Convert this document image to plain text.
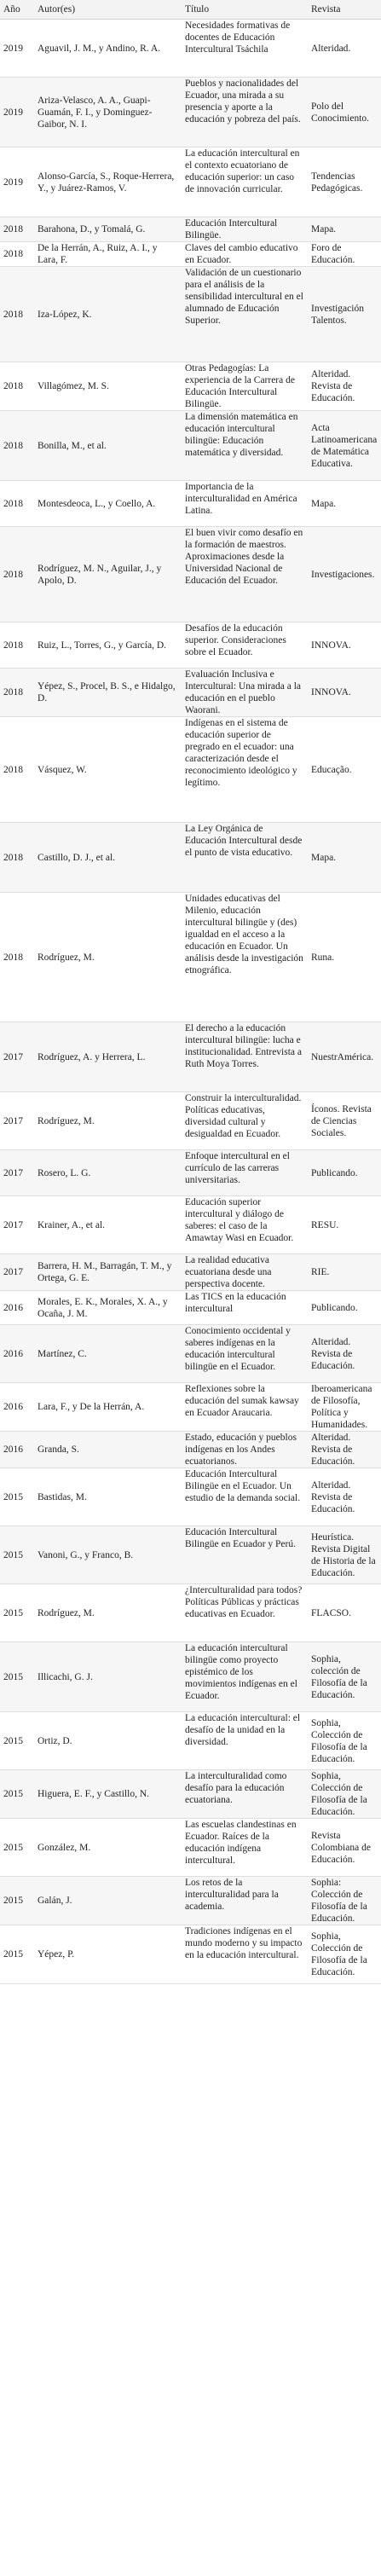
Año	Autor(es)	Título	Revista
2019	Aguavil, J. M., y Andino, R. A.	Necesidades formativas de docentes de Educación Intercultural Tsáchila	Alteridad.
2019	Ariza-Velasco, A. A., Guapi-Guamán, F. I., y Dominguez-Gaibor, N. I.	Pueblos y nacionalidades del Ecuador, una mirada a su presencia y aporte a la educación y pobreza del país.	Polo del Conocimiento.
2019	Alonso-García, S., Roque-Herrera, Y., y Juárez-Ramos, V.	La educación intercultural en el contexto ecuatoriano de educación superior: un caso de innovación curricular.	Tendencias Pedagógicas.
2018	Barahona, D., y Tomalá, G.	Educación Intercultural Bilingüe.	Mapa.
2018	De la Herrán, A., Ruiz, A. I., y Lara, F.	Claves del cambio educativo en Ecuador.	Foro de Educación.
2018	Iza-López, K.	Validación de un cuestionario para el análisis de la sensibilidad intercultural en el alumnado de Educación Superior.	Investigación Talentos.
2018	Villagómez, M. S.	Otras Pedagogías: La experiencia de la Carrera de Educación Intercultural Bilingüe.	Alteridad. Revista de Educación.
2018	Bonilla, M., et al.	La dimensión matemática en educación intercultural bilingüe: Educación matemática y diversidad.	Acta Latinoamericana de Matemática Educativa.
2018	Montesdeoca, L., y Coello, A.	Importancia de la interculturalidad en América Latina.	Mapa.
2018	Rodríguez, M. N., Aguilar, J., y Apolo, D.	El buen vivir como desafío en la formación de maestros. Aproximaciones desde la Universidad Nacional de Educación del Ecuador.	Investigaciones.
2018	Ruiz, L., Torres, G., y García, D.	Desafíos de la educación superior. Consideraciones sobre el Ecuador.	INNOVA.
2018	Yépez, S., Procel, B. S., e Hidalgo, D.	Evaluación Inclusiva e Intercultural: Una mirada a la educación en el pueblo Waorani.	INNOVA.
2018	Vásquez, W.	Indígenas en el sistema de educación superior de pregrado en el ecuador: una caracterización desde el reconocimiento ideológico y legítimo.	Educação.
2018	Castillo, D. J., et al.	La Ley Orgánica de Educación Intercultural desde el punto de vista educativo.	Mapa.
2018	Rodríguez, M.	Unidades educativas del Milenio, educación intercultural bilingüe y (des) igualdad en el acceso a la educación en Ecuador. Un análisis desde la investigación etnográfica.	Runa.
2017	Rodríguez, A. y Herrera, L.	El derecho a la educación intercultural bilingüe: lucha e institucionalidad. Entrevista a Ruth Moya Torres.	NuestrAmérica.
2017	Rodríguez, M.	Construir la interculturalidad. Políticas educativas, diversidad cultural y desigualdad en Ecuador.	Íconos. Revista de Ciencias Sociales.
2017	Rosero, L. G.	Enfoque intercultural en el currículo de las carreras universitarias.	Publicando.
2017	Krainer, A., et al.	Educación superior intercultural y diálogo de saberes: el caso de la Amawtay Wasi en Ecuador.	RESU.
2017	Barrera, H. M., Barragán, T. M., y Ortega, G. E.	La realidad educativa ecuatoriana desde una perspectiva docente.	RIE.
2016	Morales, E. K., Morales, X. A., y Ocaña, J. M.	Las TICS en la educación intercultural	Publicando.
2016	Martínez, C.	Conocimiento occidental y saberes indígenas en la educación intercultural bilingüe en el Ecuador.	Alteridad. Revista de Educación.
2016	Lara, F., y De la Herrán, A.	Reflexiones sobre la educación del sumak kawsay en Ecuador Araucaria.	Iberoamericana de Filosofía, Política y Humanidades.
2016	Granda, S.	Estado, educación y pueblos indígenas en los Andes ecuatorianos.	Alteridad. Revista de Educación.
2015	Bastidas, M.	Educación Intercultural Bilingüe en el Ecuador. Un estudio de la demanda social.	Alteridad. Revista de Educación.
2015	Vanoni, G., y Franco, B.	Educación Intercultural Bilingüe en Ecuador y Perú.	Heurística. Revista Digital de Historia de la Educación.
2015	Rodríguez, M.	¿Interculturalidad para todos? Políticas Públicas y prácticas educativas en Ecuador.	FLACSO.
2015	Illicachi, G. J.	La educación intercultural bilingüe como proyecto epistémico de los movimientos indígenas en el Ecuador.	Sophia, colección de Filosofía de la Educación.
2015	Ortiz, D.	La educación intercultural: el desafío de la unidad en la diversidad.	Sophia, Colección de Filosofía de la Educación.
2015	Higuera, E. F., y Castillo, N.	La interculturalidad como desafío para la educación ecuatoriana.	Sophia, Colección de Filosofía de la Educación.
2015	González, M.	Las escuelas clandestinas en Ecuador. Raíces de la educación indígena intercultural.	Revista Colombiana de Educación.
2015	Galán, J.	Los retos de la interculturalidad para la academia.	Sophia: Colección de Filosofía de la Educación.
2015	Yépez, P.	Tradiciones indígenas en el mundo moderno y su impacto en la educación intercultural.	Sophia, Colección de Filosofía de la Educación.
